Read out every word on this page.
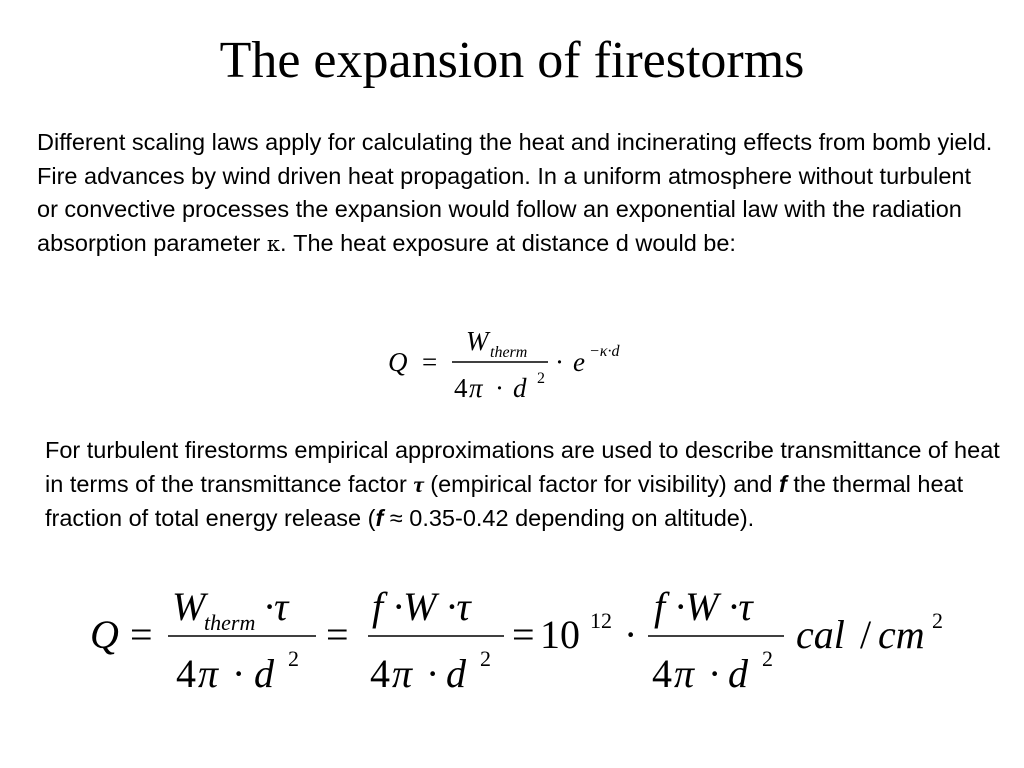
The expansion of firestorms
Different scaling laws apply for calculating the heat and incinerating effects from bomb yield. Fire advances by wind driven heat propagation. In a uniform atmosphere without turbulent or convective processes the expansion would follow an exponential law with the radiation absorption parameter κ. The heat exposure at distance d would be:
Q =
W therm
4 π · d 2
· e −κ·d
For turbulent firestorms empirical approximations are used to describe transmittance of heat in terms of the transmittance factor τ (empirical factor for visibility) and f the thermal heat fraction of total energy release (f ≈ 0.35-0.42 depending on altitude).
Q =
W
therm ·τ
4 π · d 2
=
f ·W ·τ
4 π · d 2
= 10 12 ·
f ·W ·τ
4 π · d 2
cal / cm 2
